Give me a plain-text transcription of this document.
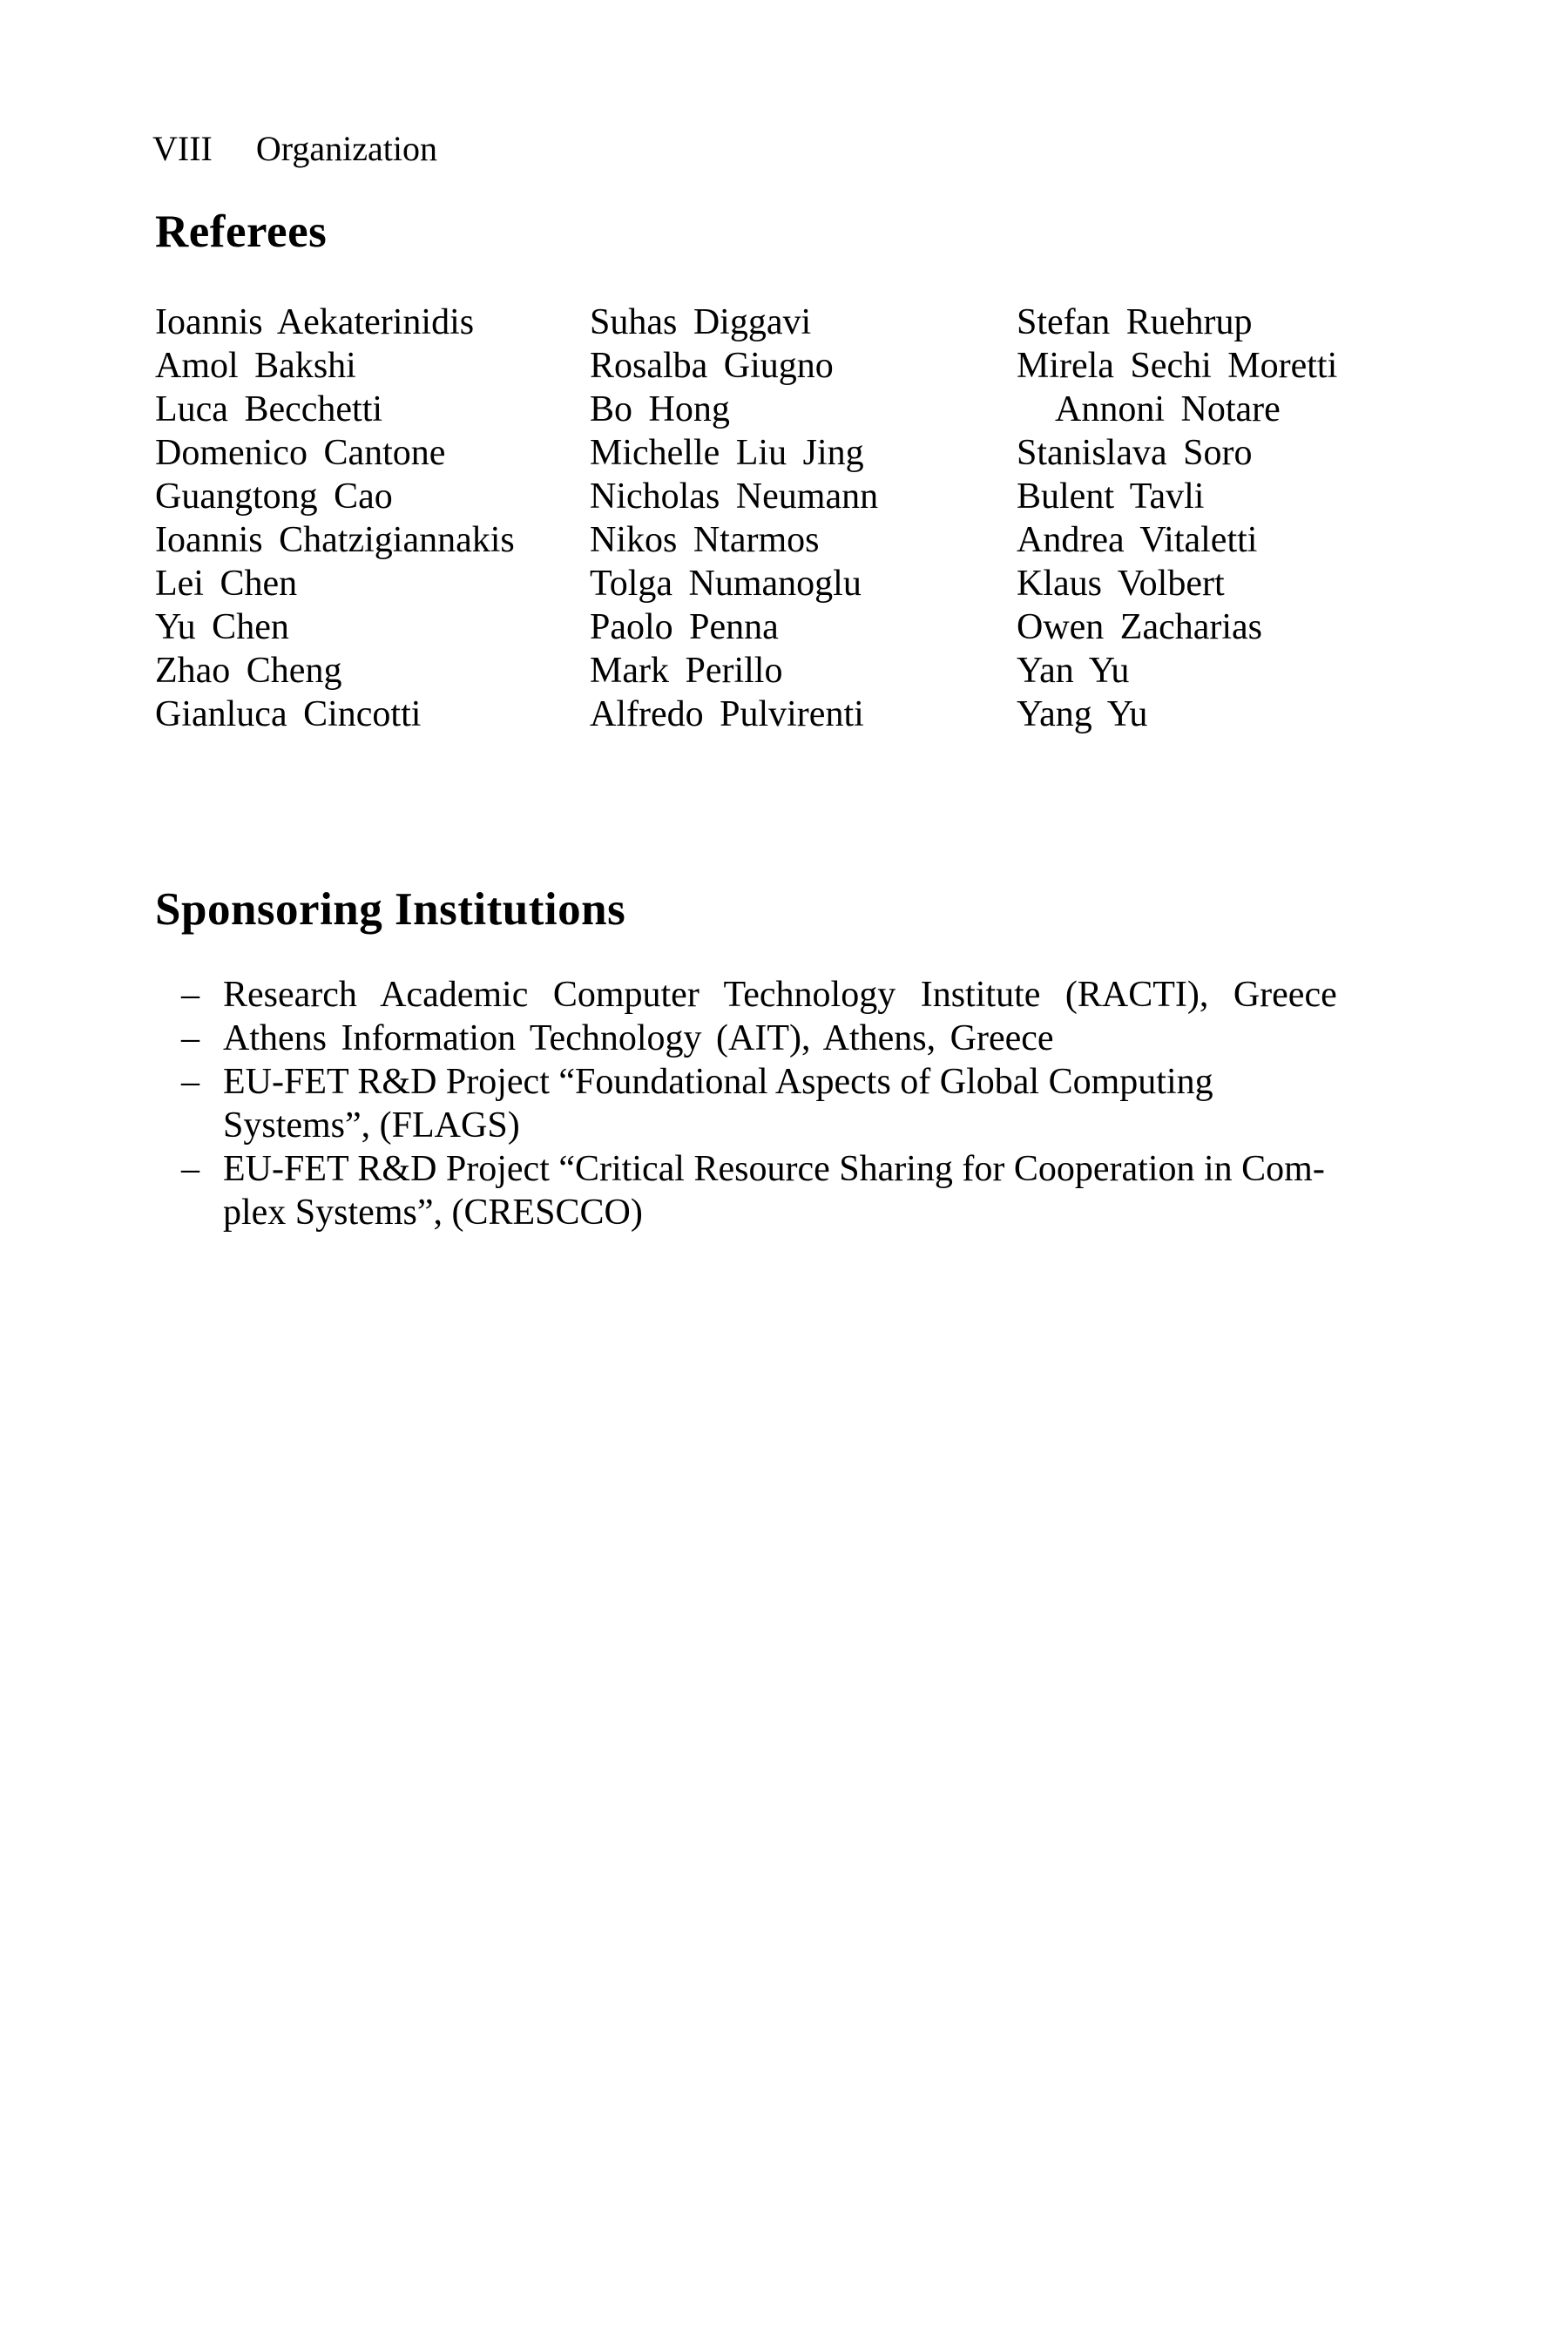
VIII Organization
Referees
Ioannis Aekaterinidis
Amol Bakshi
Luca Becchetti
Domenico Cantone
Guangtong Cao
Ioannis Chatzigiannakis
Lei Chen
Yu Chen
Zhao Cheng
Gianluca Cincotti
Suhas Diggavi
Rosalba Giugno
Bo Hong
Michelle Liu Jing
Nicholas Neumann
Nikos Ntarmos
Tolga Numanoglu
Paolo Penna
Mark Perillo
Alfredo Pulvirenti
Stefan Ruehrup
Mirela Sechi Moretti
Annoni Notare
Stanislava Soro
Bulent Tavli
Andrea Vitaletti
Klaus Volbert
Owen Zacharias
Yan Yu
Yang Yu
Sponsoring Institutions
– Research Academic Computer Technology Institute (RACTI), Greece
– Athens Information Technology (AIT), Athens, Greece
– EU-FET R&D Project “Foundational Aspects of Global Computing
Systems”, (FLAGS)
– EU-FET R&D Project “Critical Resource Sharing for Cooperation in Com-
plex Systems”, (CRESCCO)
